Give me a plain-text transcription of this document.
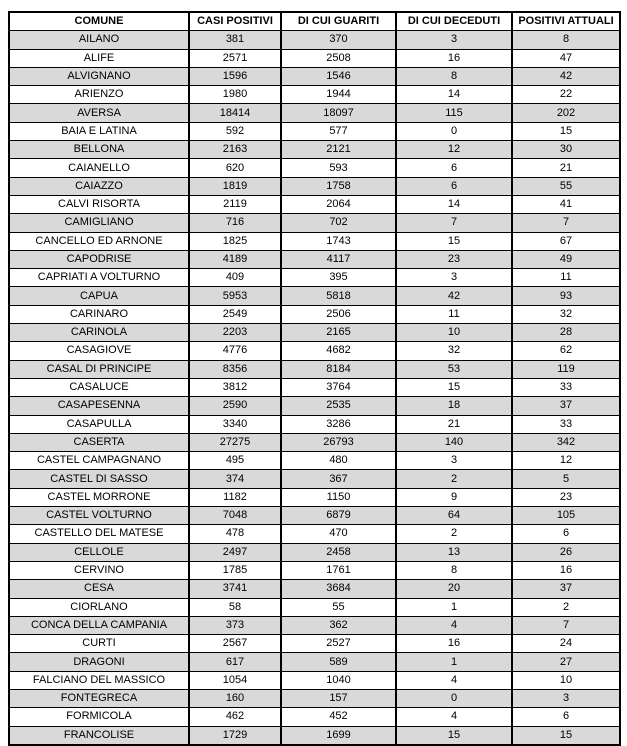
COMUNE	CASI POSITIVI	DI CUI GUARITI	DI CUI DECEDUTI	POSITIVI ATTUALI
AILANO	381	370	3	8
ALIFE	2571	2508	16	47
ALVIGNANO	1596	1546	8	42
ARIENZO	1980	1944	14	22
AVERSA	18414	18097	115	202
BAIA E LATINA	592	577	0	15
BELLONA	2163	2121	12	30
CAIANELLO	620	593	6	21
CAIAZZO	1819	1758	6	55
CALVI RISORTA	2119	2064	14	41
CAMIGLIANO	716	702	7	7
CANCELLO ED ARNONE	1825	1743	15	67
CAPODRISE	4189	4117	23	49
CAPRIATI A VOLTURNO	409	395	3	11
CAPUA	5953	5818	42	93
CARINARO	2549	2506	11	32
CARINOLA	2203	2165	10	28
CASAGIOVE	4776	4682	32	62
CASAL DI PRINCIPE	8356	8184	53	119
CASALUCE	3812	3764	15	33
CASAPESENNA	2590	2535	18	37
CASAPULLA	3340	3286	21	33
CASERTA	27275	26793	140	342
CASTEL CAMPAGNANO	495	480	3	12
CASTEL DI SASSO	374	367	2	5
CASTEL MORRONE	1182	1150	9	23
CASTEL VOLTURNO	7048	6879	64	105
CASTELLO DEL MATESE	478	470	2	6
CELLOLE	2497	2458	13	26
CERVINO	1785	1761	8	16
CESA	3741	3684	20	37
CIORLANO	58	55	1	2
CONCA DELLA CAMPANIA	373	362	4	7
CURTI	2567	2527	16	24
DRAGONI	617	589	1	27
FALCIANO DEL MASSICO	1054	1040	4	10
FONTEGRECA	160	157	0	3
FORMICOLA	462	452	4	6
FRANCOLISE	1729	1699	15	15
